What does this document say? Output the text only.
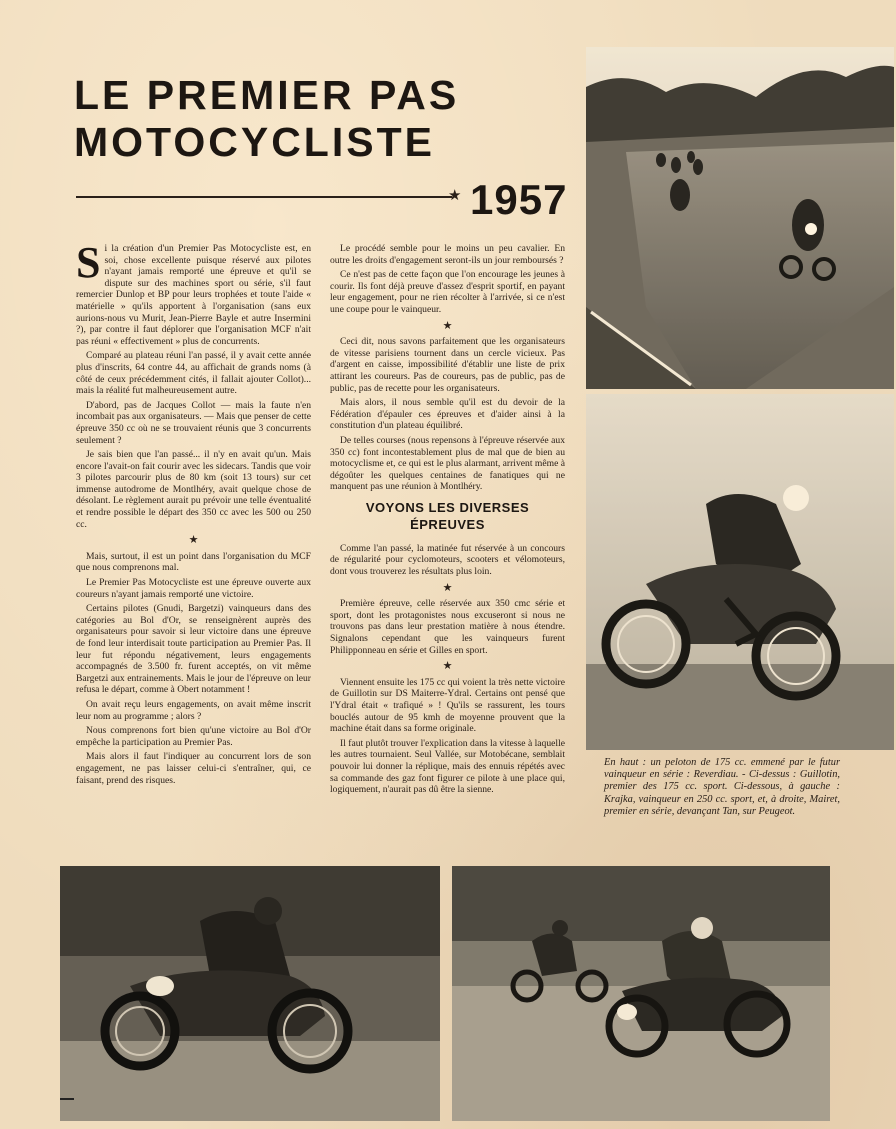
LE PREMIER PAS
MOTOCYCLISTE
★ 1957

Si la création d'un Premier Pas Motocycliste est, en soi, chose excellente puisque réservé aux pilotes n'ayant jamais remporté une épreuve et qu'il se dispute sur des machines sport ou série, s'il faut remercier Dunlop et BP pour leurs trophées et toute l'aide « matérielle » qu'ils apportent à l'organisation (sans eux aurions-nous vu Murit, Jean-Pierre Bayle et autre Insermini ?), par contre il faut déplorer que l'organisation MCF n'ait pas réuni « effectivement » plus de concurrents.

Comparé au plateau réuni l'an passé, il y avait cette année plus d'inscrits, 64 contre 44, au affichait de grands noms (à côté de ceux précédemment cités, il fallait ajouter Collot)... mais la réalité fut malheureusement autre.

D'abord, pas de Jacques Collot — mais la faute n'en incombait pas aux organisateurs. — Mais que penser de cette épreuve 350 cc où ne se trouvaient réunis que 3 concurrents seulement ?

Je sais bien que l'an passé... il n'y en avait qu'un. Mais encore l'avait-on fait courir avec les sidecars. Tandis que voir 3 pilotes parcourir plus de 80 km (soit 13 tours) sur cet immense autodrome de Montlhéry, avait quelque chose de désolant. Le règlement aurait pu prévoir une telle éventualité et rendre possible le départ des 350 cc avec les 500 ou 250 cc.

★

Mais, surtout, il est un point dans l'organisation du MCF que nous comprenons mal.

Le Premier Pas Motocycliste est une épreuve ouverte aux coureurs n'ayant jamais remporté une victoire.

Certains pilotes (Gnudi, Bargetzi) vainqueurs dans des catégories au Bol d'Or, se renseignèrent auprès des organisateurs pour savoir si leur victoire dans une épreuve de fond leur interdisait toute participation au Premier Pas. Il leur fut répondu négativement, leurs engagements accompagnés de 3.500 fr. furent acceptés, on vit même Bargetzi aux entrainements. Mais le jour de l'épreuve on leur refusa le départ, comme à Obert notamment !

On avait reçu leurs engagements, on avait même inscrit leur nom au programme ; alors ?

Nous comprenons fort bien qu'une victoire au Bol d'Or empêche la participation au Premier Pas.

Mais alors il faut l'indiquer au concurrent lors de son engagement, ne pas laisser celui-ci s'entraîner, qui, ce faisant, prend des risques.

Le procédé semble pour le moins un peu cavalier. En outre les droits d'engagement seront-ils un jour remboursés ?

Ce n'est pas de cette façon que l'on encourage les jeunes à courir. Ils font déjà preuve d'assez d'esprit sportif, en payant leur engagement, pour ne rien récolter à l'arrivée, si ce n'est une coupe pour le vainqueur.

★

Ceci dit, nous savons parfaitement que les organisateurs de vitesse parisiens tournent dans un cercle vicieux. Pas d'argent en caisse, impossibilité d'établir une liste de prix attirant les coureurs. Pas de coureurs, pas de public, pas de public, pas de recette pour les organisateurs.

Mais alors, il nous semble qu'il est du devoir de la Fédération d'épauler ces épreuves et d'aider ainsi à la constitution d'un plateau équilibré.

De telles courses (nous repensons à l'épreuve réservée aux 350 cc) font incontestablement plus de mal que de bien au motocyclisme et, ce qui est le plus alarmant, arrivent même à dégoûter les quelques centaines de fanatiques qui ne manquent pas une réunion à Montlhéry.

VOYONS LES DIVERSES
ÉPREUVES

Comme l'an passé, la matinée fut réservée à un concours de régularité pour cyclomoteurs, scooters et vélomoteurs, dont vous trouverez les résultats plus loin.

★

Première épreuve, celle réservée aux 350 cmc série et sport, dont les protagonistes nous excuseront si nous ne trouvons pas dans leur prestation matière à nous étendre. Signalons cependant que les vainqueurs furent Philipponneau en série et Gilles en sport.

★

Viennent ensuite les 175 cc qui voient la très nette victoire de Guillotin sur DS Maiterre-Ydral. Certains ont pensé que l'Ydral était « trafiqué » ! Qu'ils se rassurent, les tours bouclés autour de 95 kmh de moyenne prouvent que la machine était dans sa forme originale.

Il faut plutôt trouver l'explication dans la vitesse à laquelle les autres tournaient. Seul Vallée, sur Motobécane, semblait pouvoir lui donner la réplique, mais des ennuis répétés avec sa commande des gaz font figurer ce pilote à une place qui, logiquement, n'aurait pas dû être la sienne.

En haut : un peloton de 175 cc. emmené par le futur vainqueur en série : Reverdiau. - Ci-dessus : Guillotin, premier des 175 cc. sport. Ci-dessous, à gauche : Krajka, vainqueur en 250 cc. sport, et, à droite, Mairet, premier en série, devançant Tan, sur Peugeot.
